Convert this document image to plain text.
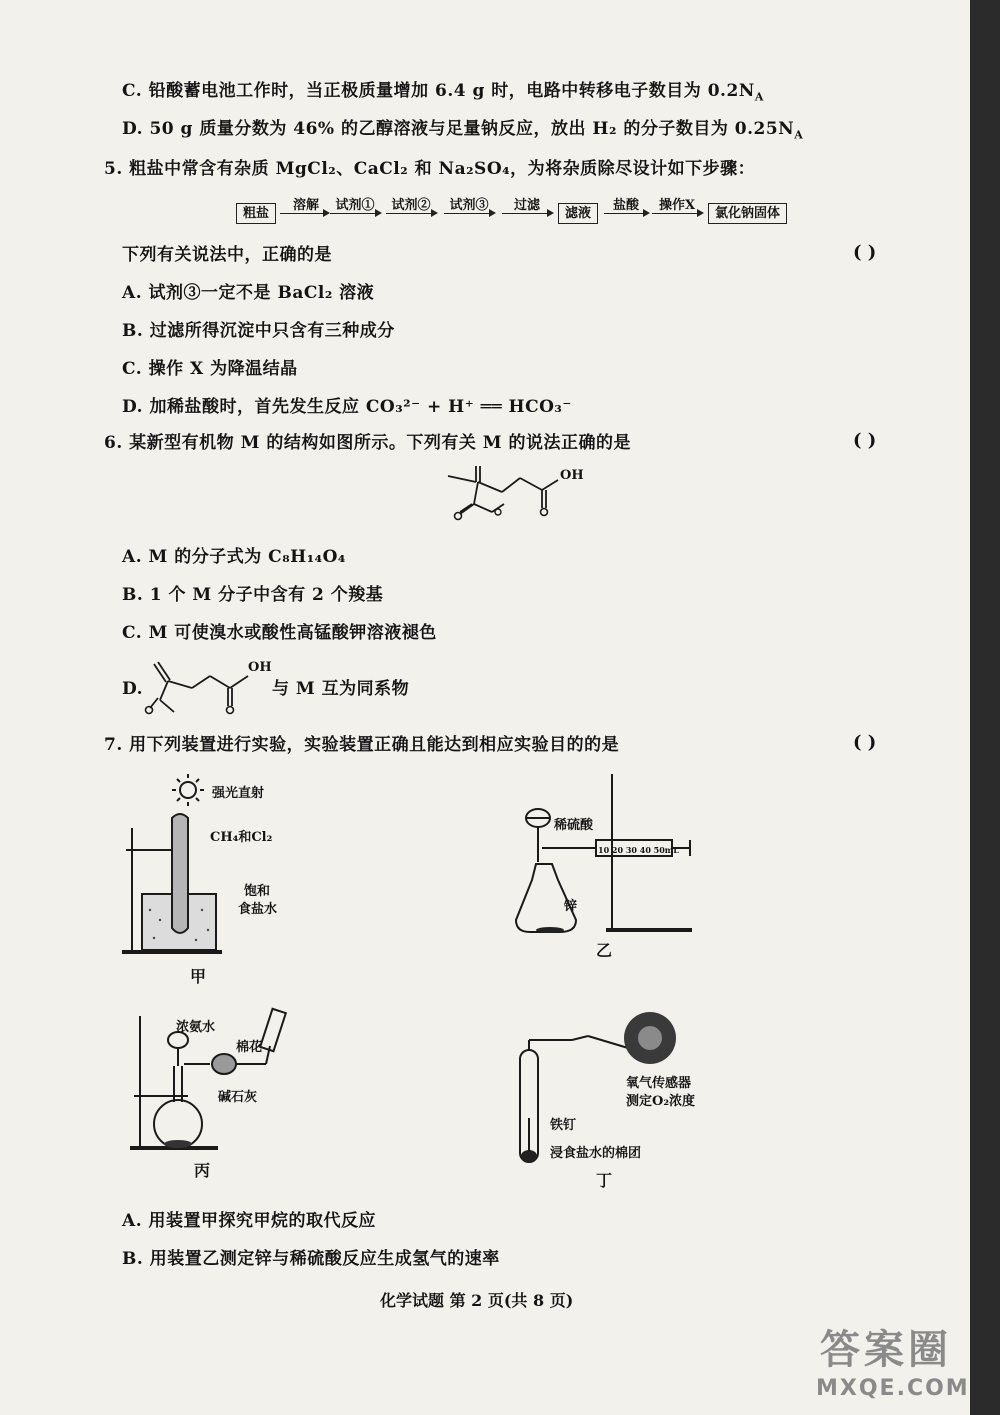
C. 铅酸蓄电池工作时，当正极质量增加 6.4 g 时，电路中转移电子数目为 $0.2N_A$
D. 50 g 质量分数为 46% 的乙醇溶液与足量钠反应，放出 H₂ 的分子数目为 $0.25N_A$
5. 粗盐中常含有杂质 MgCl₂、CaCl₂ 和 Na₂SO₄，为将杂质除尽设计如下步骤：
粗盐
溶解	试剂①	试剂②	试剂③	过滤
滤液
盐酸	操作X
氯化钠固体
下列有关说法中，正确的是	( )
A. 试剂③一定不是 BaCl₂ 溶液
B. 过滤所得沉淀中只含有三种成分
C. 操作 X 为降温结晶
D. 加稀盐酸时，首先发生反应 CO₃²⁻ + H⁺ ══ HCO₃⁻
6. 某新型有机物 M 的结构如图所示。下列有关 M 的说法正确的是	( )
OH
A. M 的分子式为 C₈H₁₄O₄
B. 1 个 M 分子中含有 2 个羧基
C. M 可使溴水或酸性高锰酸钾溶液褪色
D.
OH
与 M 互为同系物
7. 用下列装置进行实验，实验装置正确且能达到相应实验目的的是	( )
强光直射
CH₄和Cl₂
饱和
食盐水
甲
稀硫酸
10 20 30 40 50mL
锌
乙
浓氨水
棉花
碱石灰
丙
氧气传感器
测定O₂浓度
铁钉
浸食盐水的棉团
丁
A. 用装置甲探究甲烷的取代反应
B. 用装置乙测定锌与稀硫酸反应生成氢气的速率
化学试题 第 2 页(共 8 页)
答案圈
MXQE.COM
